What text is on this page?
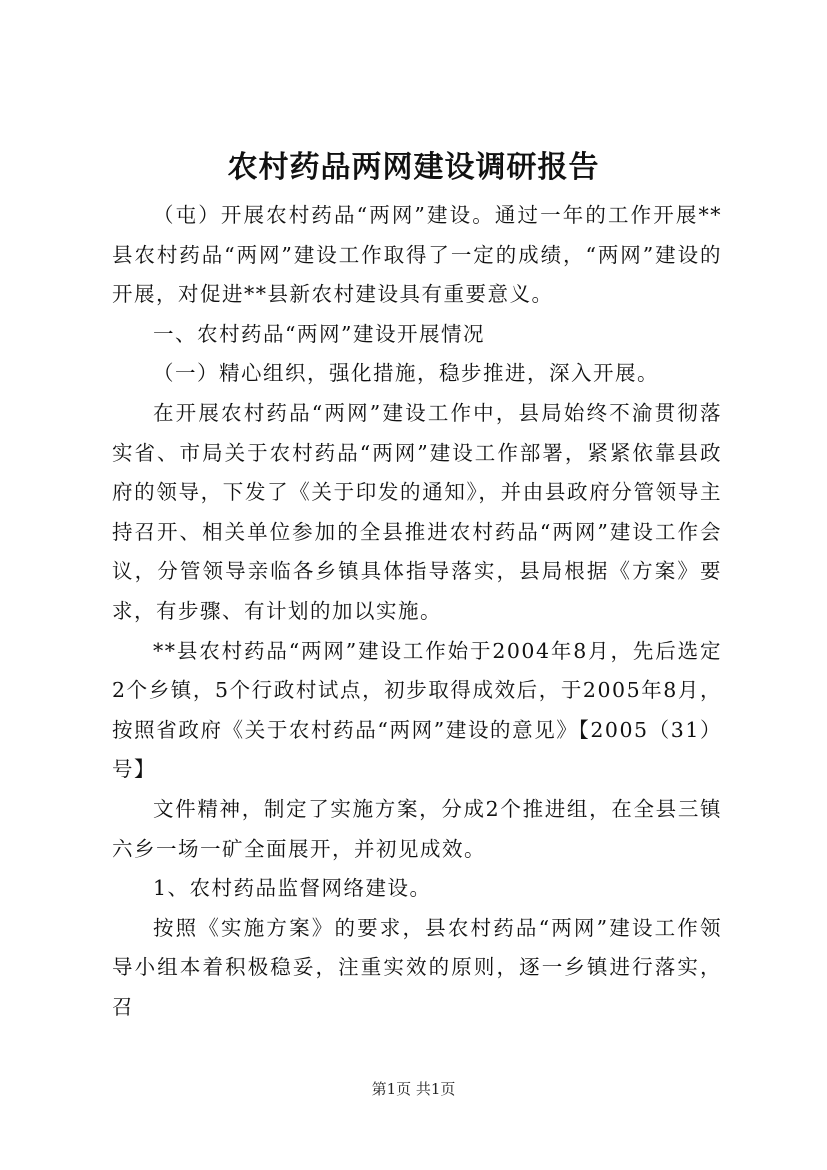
农村药品两网建设调研报告

（屯）开展农村药品“两网”建设。通过一年的工作开展**县农村药品“两网”建设工作取得了一定的成绩，“两网”建设的开展，对促进**县新农村建设具有重要意义。

一、农村药品“两网”建设开展情况

（一）精心组织，强化措施，稳步推进，深入开展。

在开展农村药品“两网”建设工作中，县局始终不渝贯彻落实省、市局关于农村药品“两网”建设工作部署，紧紧依靠县政府的领导，下发了《关于印发的通知》，并由县政府分管领导主持召开、相关单位参加的全县推进农村药品“两网”建设工作会议，分管领导亲临各乡镇具体指导落实，县局根据《方案》要求，有步骤、有计划的加以实施。

**县农村药品“两网”建设工作始于2004年8月，先后选定2个乡镇，5个行政村试点，初步取得成效后，于2005年8月，按照省政府《关于农村药品“两网”建设的意见》【2005（31）号】

文件精神，制定了实施方案，分成2个推进组，在全县三镇六乡一场一矿全面展开，并初见成效。

1、农村药品监督网络建设。

按照《实施方案》的要求，县农村药品“两网”建设工作领导小组本着积极稳妥，注重实效的原则，逐一乡镇进行落实，召

第1页 共1页
